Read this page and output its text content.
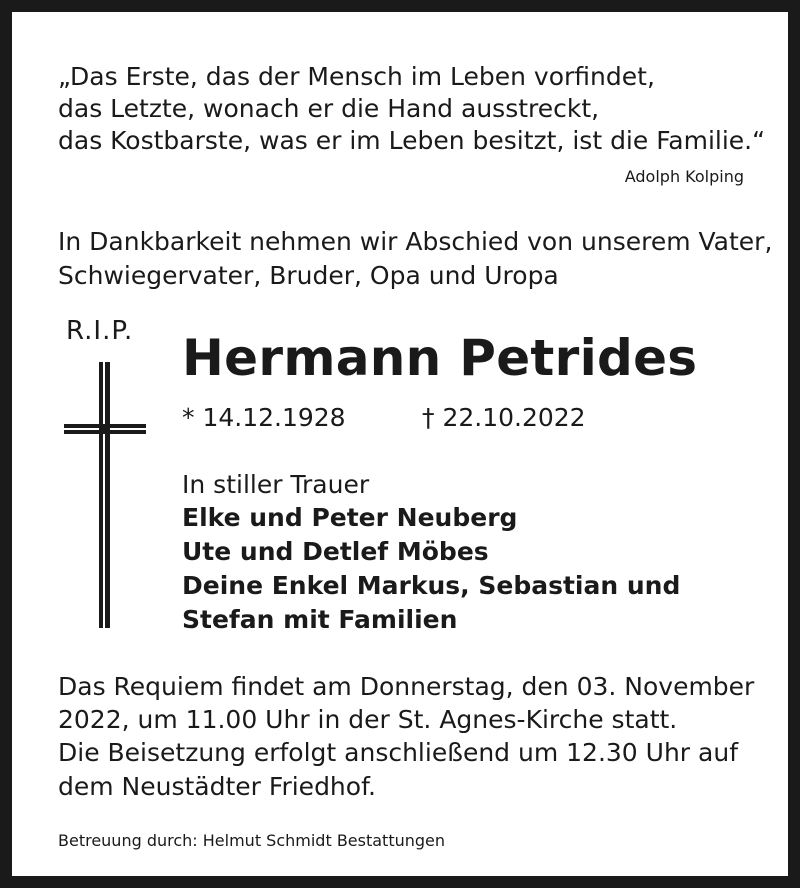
„Das Erste, das der Mensch im Leben vorfindet,

das Letzte, wonach er die Hand ausstreckt,

das Kostbarste, was er im Leben besitzt, ist die Familie.“

Adolph Kolping

In Dankbarkeit nehmen wir Abschied von unserem Vater,

Schwiegervater, Bruder, Opa und Uropa

R.I.P. Hermann Petrides

* 14.12.1928	† 22.10.2022

In stiller Trauer

Elke und Peter Neuberg

Ute und Detlef Möbes

Deine Enkel Markus, Sebastian und

Stefan mit Familien

Das Requiem findet am Donnerstag, den 03. November

2022, um 11.00 Uhr in der St. Agnes-Kirche statt.

Die Beisetzung erfolgt anschließend um 12.30 Uhr auf

dem Neustädter Friedhof.

Betreuung durch: Helmut Schmidt Bestattungen
